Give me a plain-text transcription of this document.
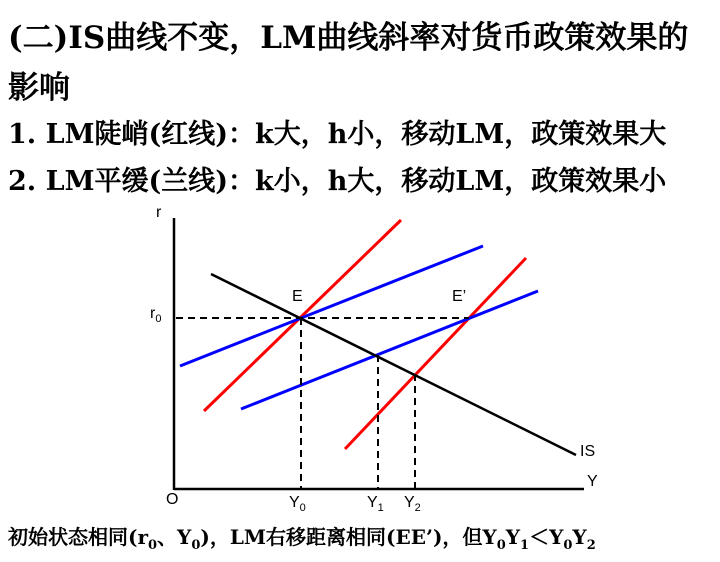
(二)IS曲线不变，LM曲线斜率对货币政策效果的
影响
1. LM陡峭(红线)：k大，h小，移动LM，政策效果大
2. LM平缓(兰线)：k小，h大，移动LM，政策效果小
r
Y
O
$r_0$
E	E’
IS
$Y_0$	$Y_1$ $Y_2$
初始状态相同($r_0$、$Y_0$)，LM右移距离相同(EE’)，但$Y_0Y_1<Y_0Y_2$
